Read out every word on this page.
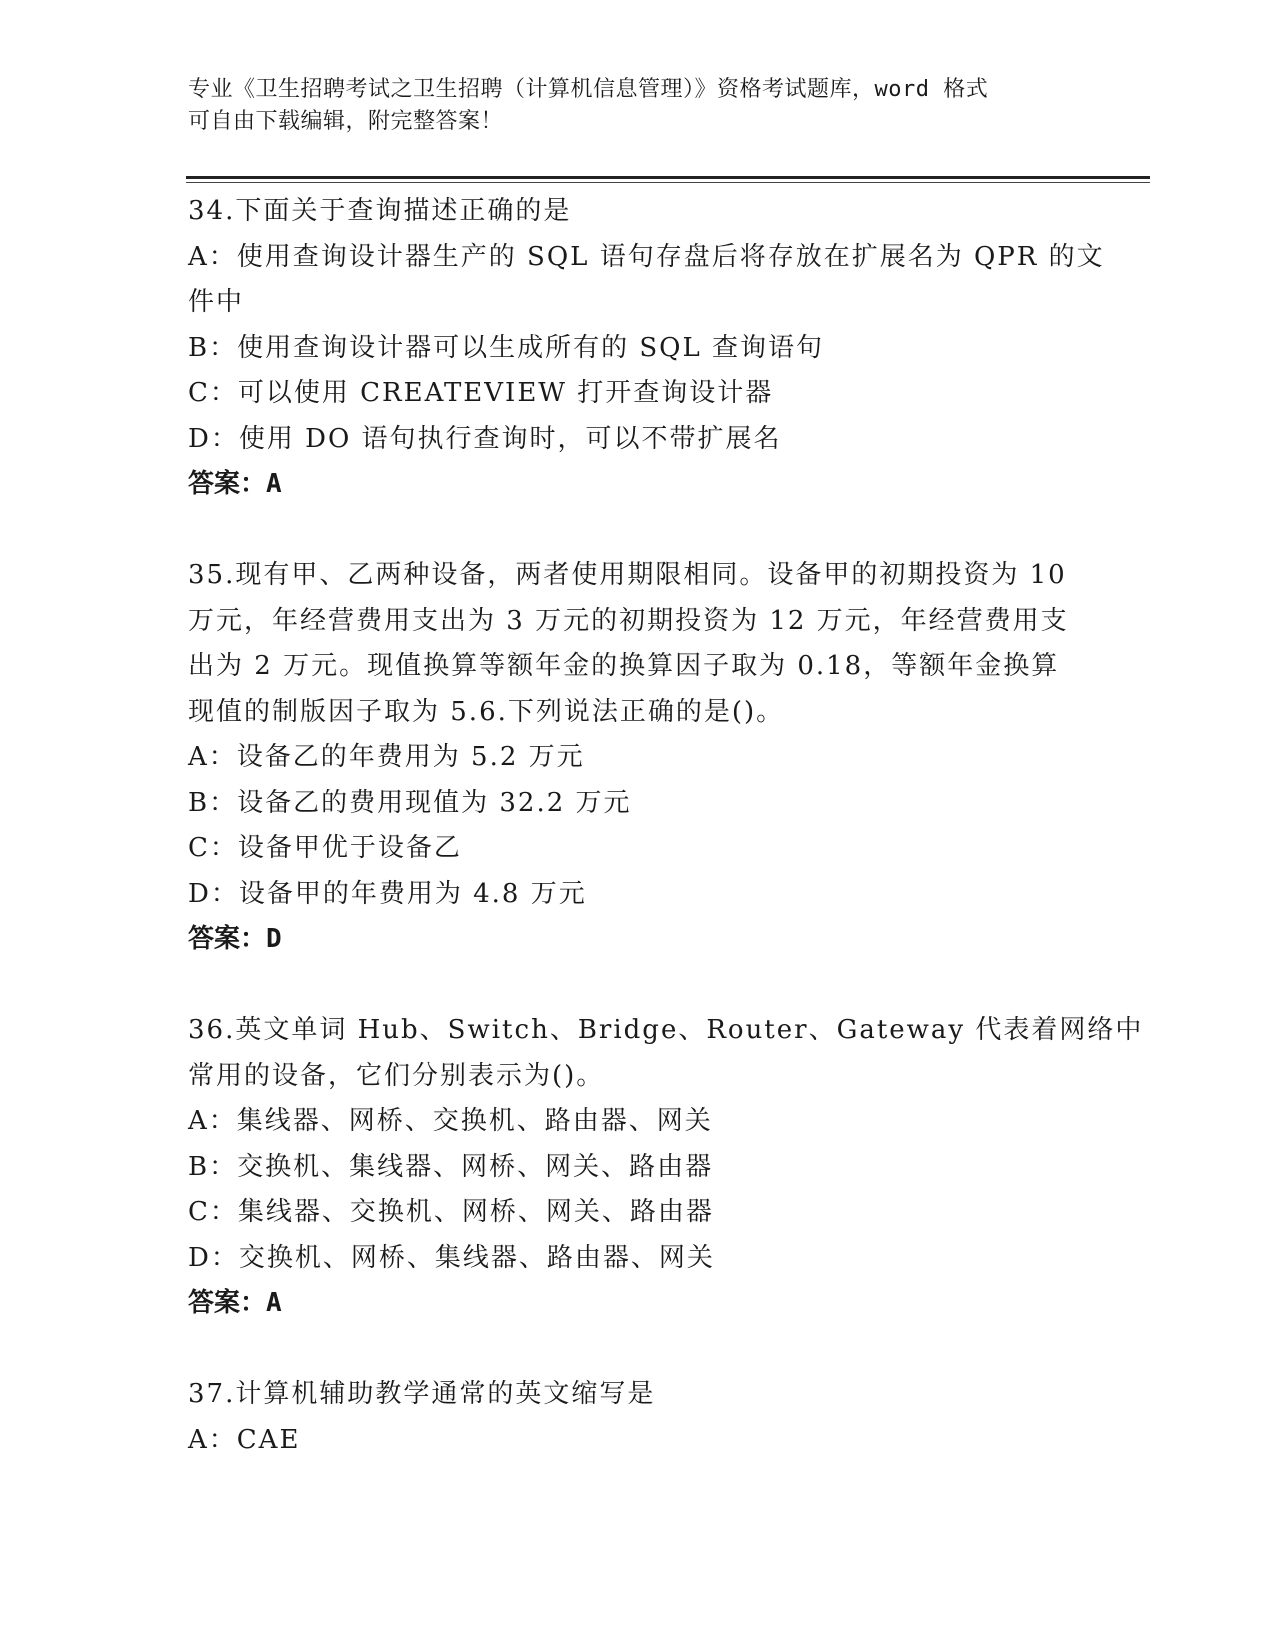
专业《卫生招聘考试之卫生招聘（计算机信息管理）》资格考试题库，word 格式
可自由下载编辑，附完整答案！
34.下面关于查询描述正确的是
A：使用查询设计器生产的 SQL 语句存盘后将存放在扩展名为 QPR 的文
件中
B：使用查询设计器可以生成所有的 SQL 查询语句
C：可以使用 CREATEVIEW 打开查询设计器
D：使用 DO 语句执行查询时，可以不带扩展名
答案：A
35.现有甲、乙两种设备，两者使用期限相同。设备甲的初期投资为 10
万元，年经营费用支出为 3 万元的初期投资为 12 万元，年经营费用支
出为 2 万元。现值换算等额年金的换算因子取为 0.18，等额年金换算
现值的制版因子取为 5.6.下列说法正确的是()。
A：设备乙的年费用为 5.2 万元
B：设备乙的费用现值为 32.2 万元
C：设备甲优于设备乙
D：设备甲的年费用为 4.8 万元
答案：D
36.英文单词 Hub、Switch、Bridge、Router、Gateway 代表着网络中
常用的设备，它们分别表示为()。
A：集线器、网桥、交换机、路由器、网关
B：交换机、集线器、网桥、网关、路由器
C：集线器、交换机、网桥、网关、路由器
D：交换机、网桥、集线器、路由器、网关
答案：A
37.计算机辅助教学通常的英文缩写是
A：CAE
